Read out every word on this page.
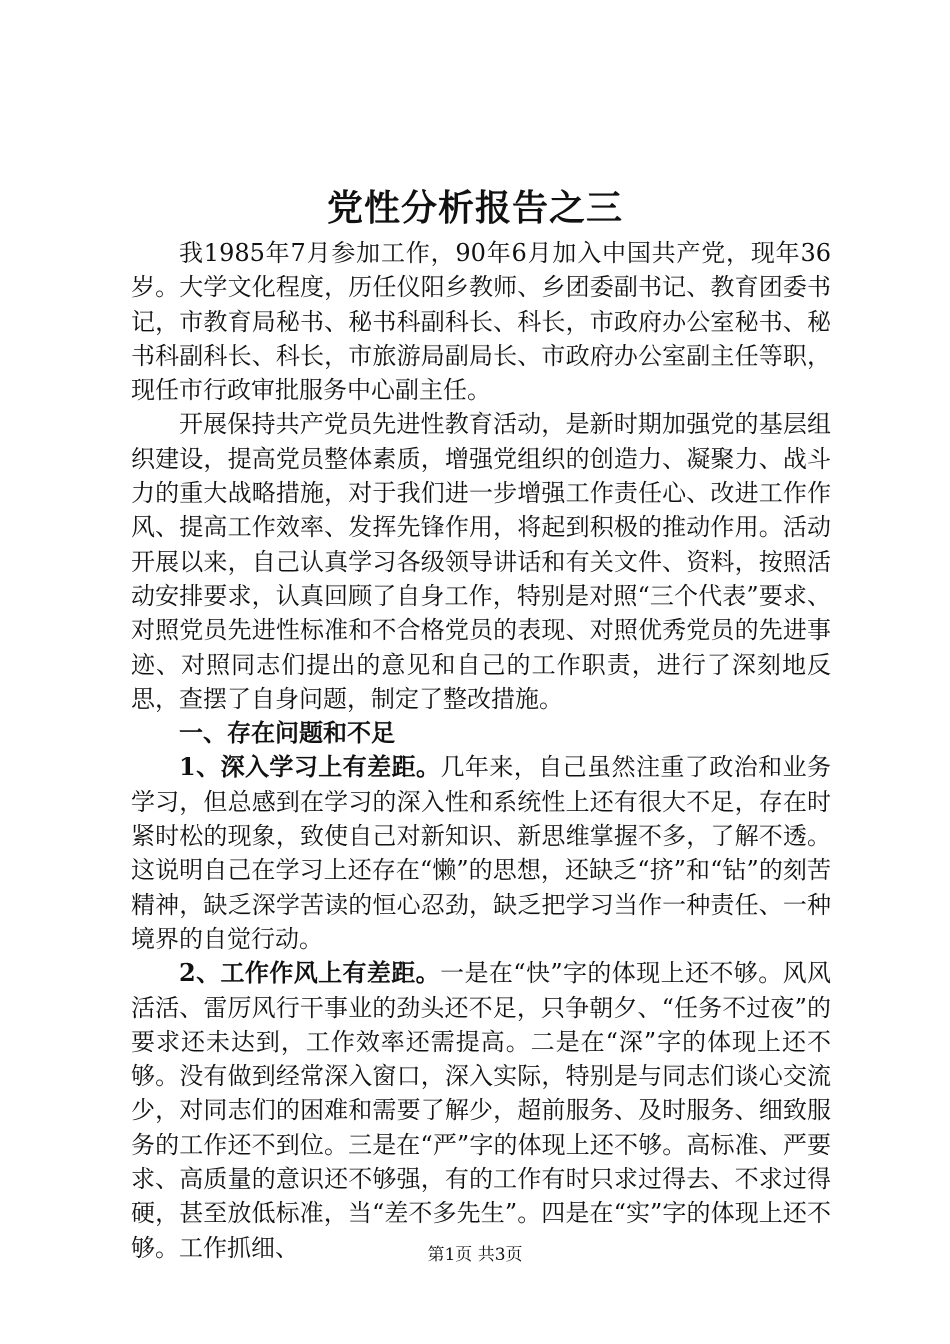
党性分析报告之三

我1985年7月参加工作，90年6月加入中国共产党，现年36岁。大学文化程度，历任仪阳乡教师、乡团委副书记、教育团委书记，市教育局秘书、秘书科副科长、科长，市政府办公室秘书、秘书科副科长、科长，市旅游局副局长、市政府办公室副主任等职，现任市行政审批服务中心副主任。

开展保持共产党员先进性教育活动，是新时期加强党的基层组织建设，提高党员整体素质，增强党组织的创造力、凝聚力、战斗力的重大战略措施，对于我们进一步增强工作责任心、改进工作作风、提高工作效率、发挥先锋作用，将起到积极的推动作用。活动开展以来，自己认真学习各级领导讲话和有关文件、资料，按照活动安排要求，认真回顾了自身工作，特别是对照“三个代表”要求、对照党员先进性标准和不合格党员的表现、对照优秀党员的先进事迹、对照同志们提出的意见和自己的工作职责，进行了深刻地反思，查摆了自身问题，制定了整改措施。

一、存在问题和不足

1、深入学习上有差距。几年来，自己虽然注重了政治和业务学习，但总感到在学习的深入性和系统性上还有很大不足，存在时紧时松的现象，致使自己对新知识、新思维掌握不多，了解不透。这说明自己在学习上还存在“懒”的思想，还缺乏“挤”和“钻”的刻苦精神，缺乏深学苦读的恒心忍劲，缺乏把学习当作一种责任、一种境界的自觉行动。

2、工作作风上有差距。一是在“快”字的体现上还不够。风风活活、雷厉风行干事业的劲头还不足，只争朝夕、“任务不过夜”的要求还未达到，工作效率还需提高。二是在“深”字的体现上还不够。没有做到经常深入窗口，深入实际，特别是与同志们谈心交流少，对同志们的困难和需要了解少，超前服务、及时服务、细致服务的工作还不到位。三是在“严”字的体现上还不够。高标准、严要求、高质量的意识还不够强，有的工作有时只求过得去、不求过得硬，甚至放低标准，当“差不多先生”。四是在“实”字的体现上还不够。工作抓细、	第1页 共3页
